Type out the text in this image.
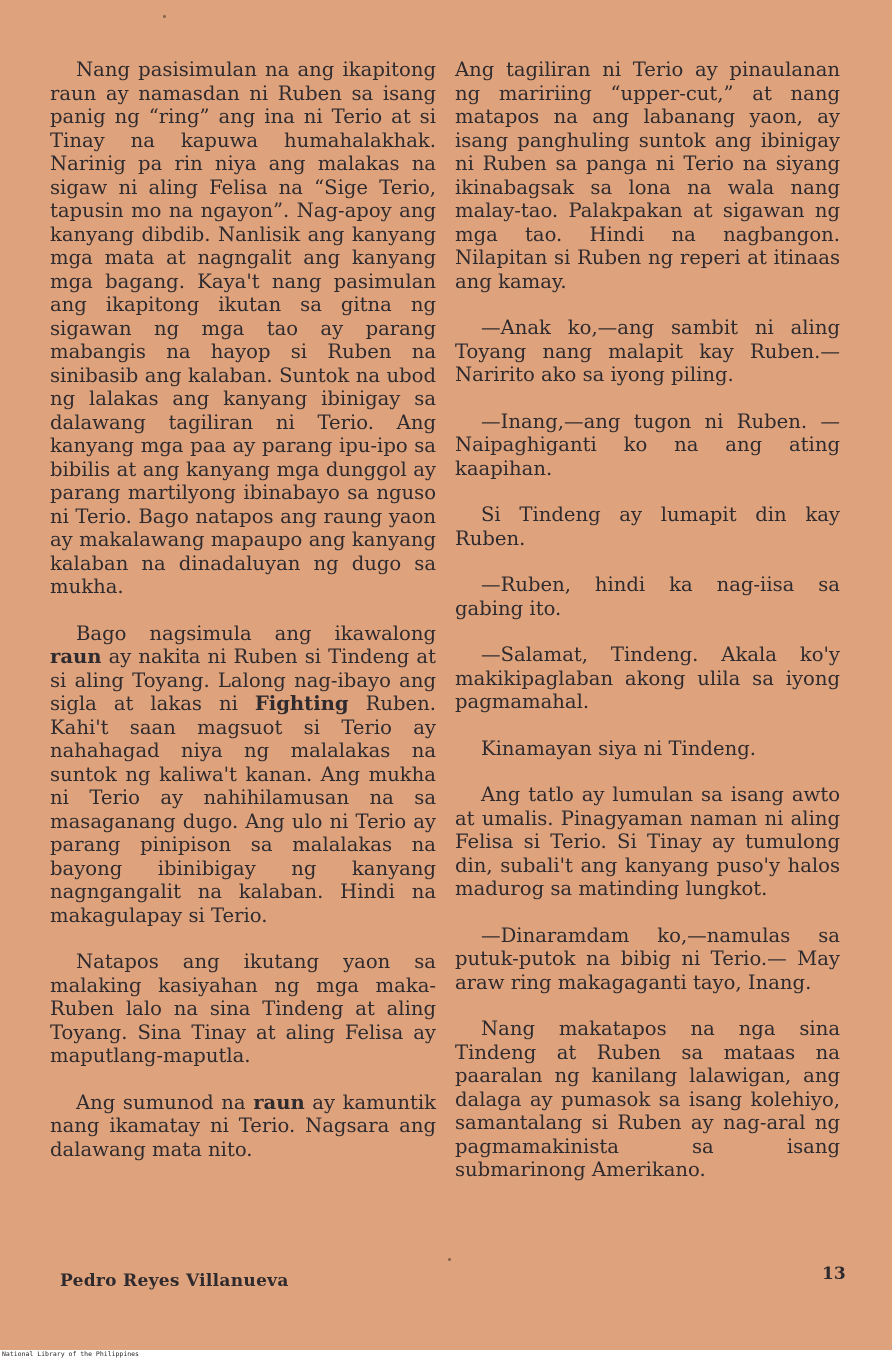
Nang pasisimulan na ang ikapitong raun ay namasdan ni Ruben sa isang panig ng “ring” ang ina ni Terio at si Tinay na kapuwa humahalakhak. Narinig pa rin niya ang malakas na sigaw ni aling Felisa na “Sige Terio, tapusin mo na ngayon”. Nag-apoy ang kanyang dibdib. Nanlisik ang kanyang mga mata at nagngalit ang kanyang mga bagang. Kaya't nang pasimulan ang ikapitong ikutan sa gitna ng sigawan ng mga tao ay parang mabangis na hayop si Ruben na sinibasib ang kalaban. Suntok na ubod ng lalakas ang kanyang ibinigay sa dalawang tagiliran ni Terio. Ang kanyang mga paa ay parang ipu-ipo sa bibilis at ang kanyang mga dunggol ay parang martilyong ibinabayo sa nguso ni Terio. Bago natapos ang raung yaon ay makalawang mapaupo ang kanyang kalaban na dinadaluyan ng dugo sa mukha.

Bago nagsimula ang ikawalong raun ay nakita ni Ruben si Tindeng at si aling Toyang. Lalong nag-ibayo ang sigla at lakas ni Fighting Ruben. Kahi't saan magsuot si Terio ay nahahagad niya ng malalakas na suntok ng kaliwa't kanan. Ang mukha ni Terio ay nahihilamusan na sa masaganang dugo. Ang ulo ni Terio ay parang pinipison sa malalakas na bayong ibinibigay ng kanyang nagngangalit na kalaban. Hindi na makagulapay si Terio.

Natapos ang ikutang yaon sa malaking kasiyahan ng mga maka-Ruben lalo na sina Tindeng at aling Toyang. Sina Tinay at aling Felisa ay maputlang-maputla.

Ang sumunod na raun ay kamuntik nang ikamatay ni Terio. Nagsara ang dalawang mata nito.

Ang tagiliran ni Terio ay pinaulanan ng maririing “upper-cut,” at nang matapos na ang labanang yaon, ay isang panghuling suntok ang ibinigay ni Ruben sa panga ni Terio na siyang ikinabagsak sa lona na wala nang malay-tao. Palakpakan at sigawan ng mga tao. Hindi na nagbangon. Nilapitan si Ruben ng reperi at itinaas ang kamay.

—Anak ko,—ang sambit ni aling Toyang nang malapit kay Ruben.—Naririto ako sa iyong piling.

—Inang,—ang tugon ni Ruben. —Naipaghiganti ko na ang ating kaapihan.

Si Tindeng ay lumapit din kay Ruben.

—Ruben, hindi ka nag-iisa sa gabing ito.

—Salamat, Tindeng. Akala ko'y makikipaglaban akong ulila sa iyong pagmamahal.

Kinamayan siya ni Tindeng.

Ang tatlo ay lumulan sa isang awto at umalis. Pinagyaman naman ni aling Felisa si Terio. Si Tinay ay tumulong din, subali't ang kanyang puso'y halos madurog sa matinding lungkot.

—Dinaramdam ko,—namulas sa putuk-putok na bibig ni Terio.— May araw ring makagaganti tayo, Inang.

Nang makatapos na nga sina Tindeng at Ruben sa mataas na paaralan ng kanilang lalawigan, ang dalaga ay pumasok sa isang kolehiyo, samantalang si Ruben ay nag-aral ng pagmamakinista sa isang submarinong Amerikano.

Pedro Reyes Villanueva	13
National Library of the Philippines
